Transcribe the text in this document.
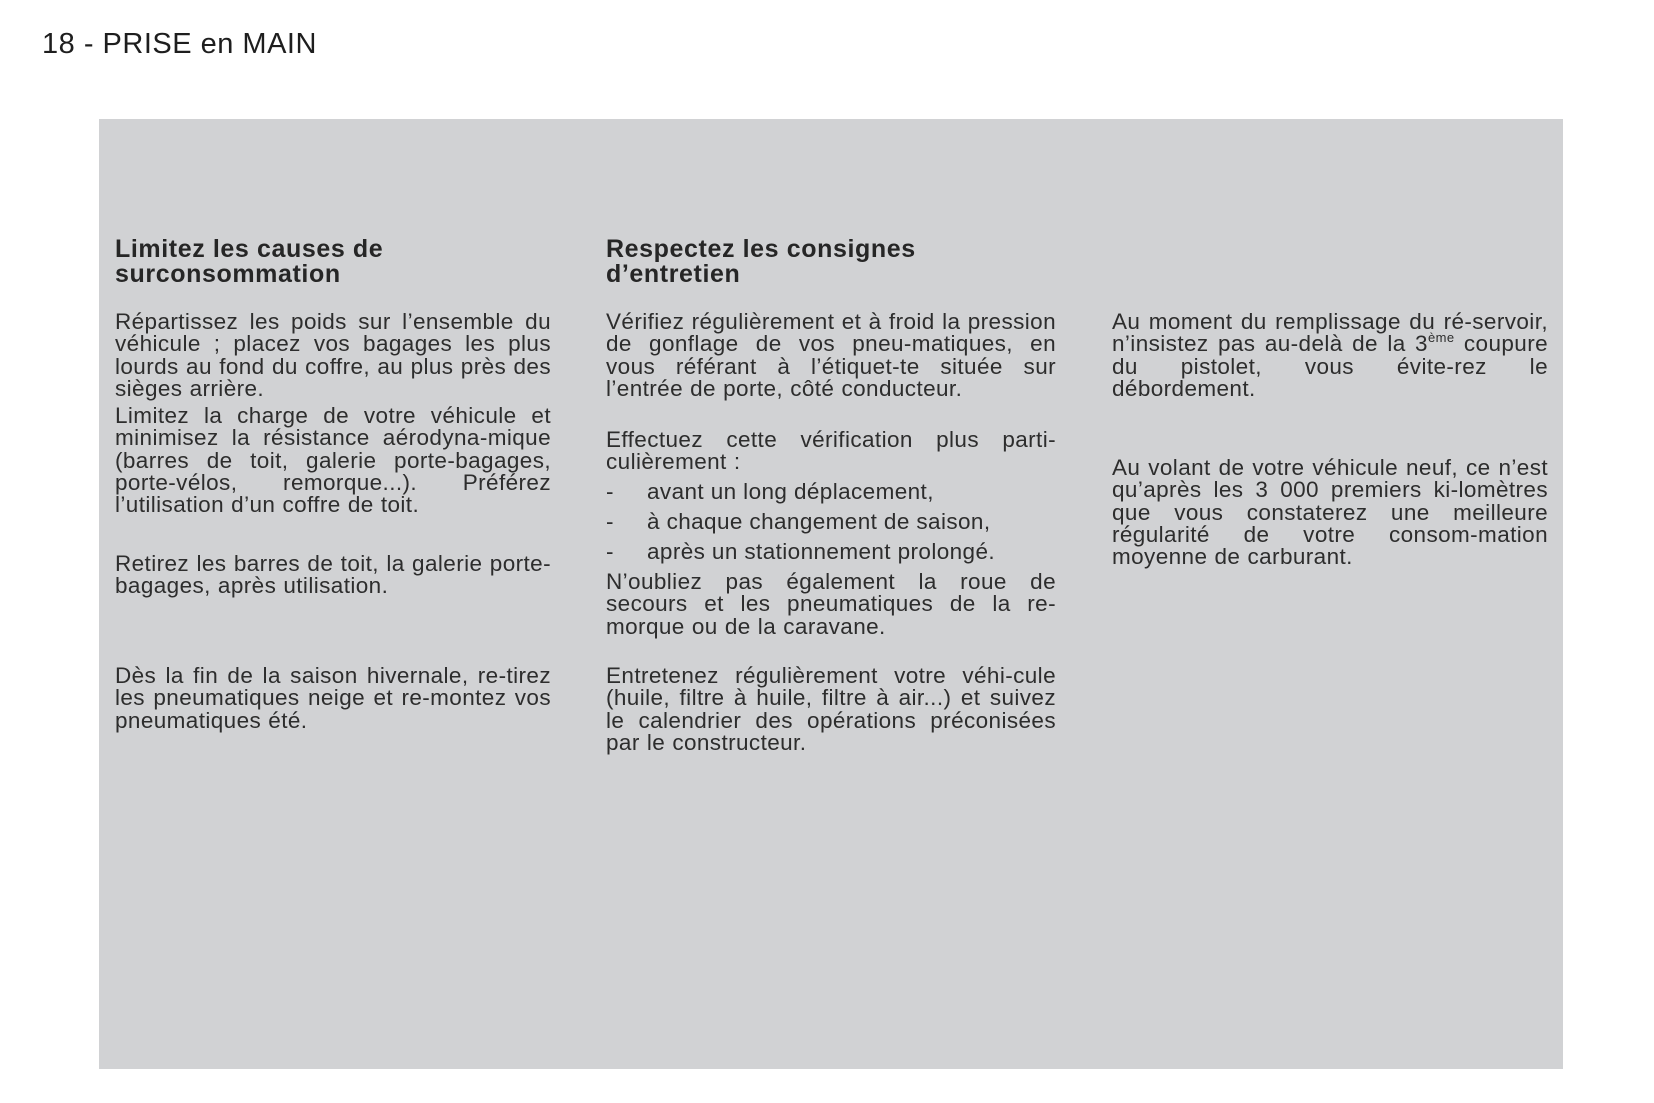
18 - PRISE en MAIN
Limitez les causes de
surconsommation

Répartissez les poids sur l’ensemble du véhicule ; placez vos bagages les plus lourds au fond du coffre, au plus près des sièges arrière.

Limitez la charge de votre véhicule et minimisez la résistance aérodyna-mique (barres de toit, galerie porte-bagages, porte-vélos, remorque...). Préférez l’utilisation d’un coffre de toit.

Retirez les barres de toit, la galerie porte-bagages, après utilisation.

Dès la fin de la saison hivernale, re-tirez les pneumatiques neige et re-montez vos pneumatiques été.

Respectez les consignes
d’entretien

Vérifiez régulièrement et à froid la pression de gonflage de vos pneu-matiques, en vous référant à l’étiquet-te située sur l’entrée de porte, côté conducteur.

Effectuez cette vérification plus parti-culièrement :

- avant un long déplacement,
- à chaque changement de saison,
- après un stationnement prolongé.

N’oubliez pas également la roue de secours et les pneumatiques de la re-morque ou de la caravane.

Entretenez régulièrement votre véhi-cule (huile, filtre à huile, filtre à air...) et suivez le calendrier des opérations préconisées par le constructeur.

Au moment du remplissage du ré-servoir, n’insistez pas au-delà de la 3ème coupure du pistolet, vous évite-rez le débordement.

Au volant de votre véhicule neuf, ce n’est qu’après les 3 000 premiers ki-lomètres que vous constaterez une meilleure régularité de votre consom-mation moyenne de carburant.
